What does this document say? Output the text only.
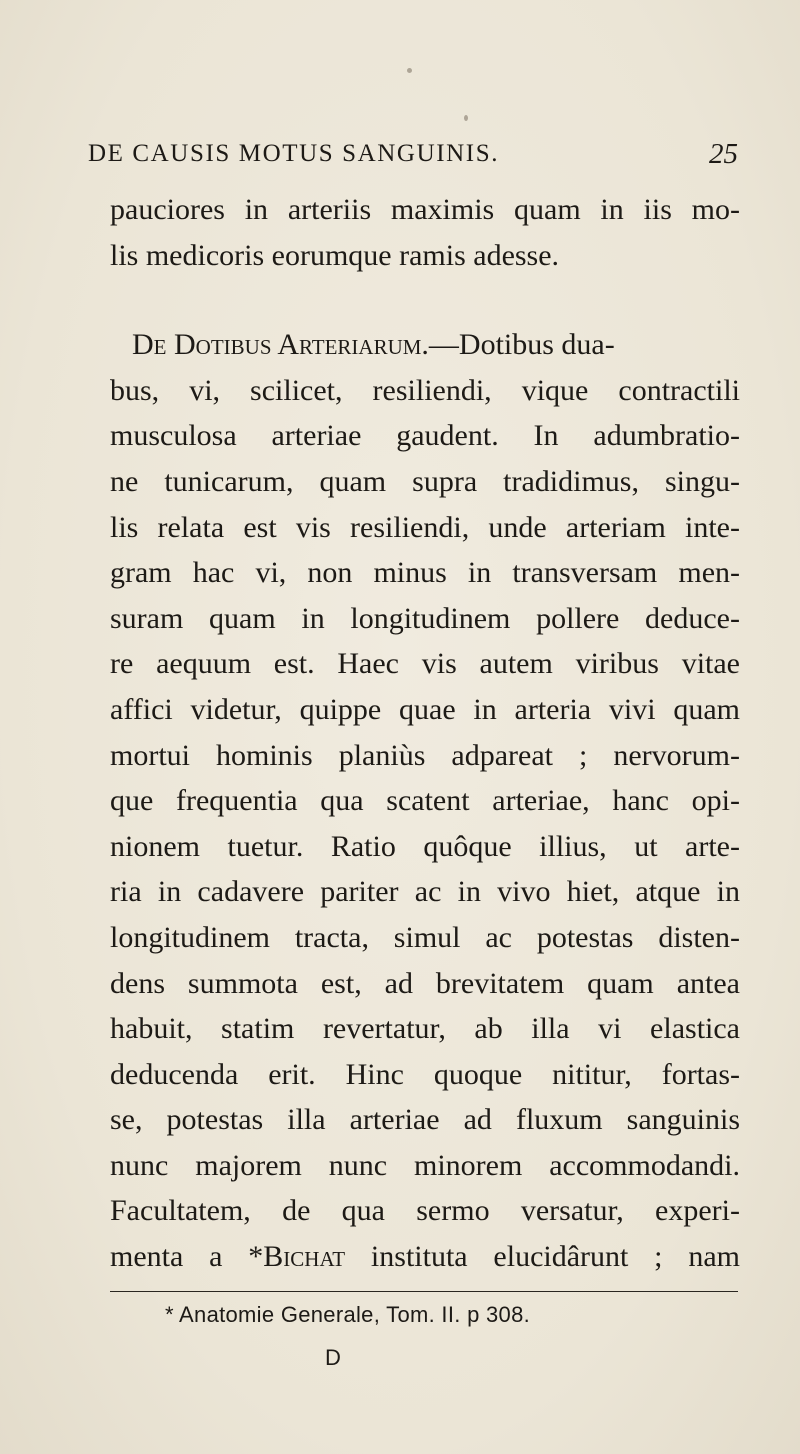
DE CAUSIS MOTUS SANGUINIS.	25
pauciores in arteriis maximis quam in iis mo-
lis medicoris eorumque ramis adesse.
De Dotibus Arteriarum.—Dotibus dua-
bus, vi, scilicet, resiliendi, vique contractili
musculosa arteriae gaudent. In adumbratio-
ne tunicarum, quam supra tradidimus, singu-
lis relata est vis resiliendi, unde arteriam inte-
gram hac vi, non minus in transversam men-
suram quam in longitudinem pollere deduce-
re aequum est. Haec vis autem viribus vitae
affici videtur, quippe quae in arteria vivi quam
mortui hominis planiùs adpareat ; nervorum-
que frequentia qua scatent arteriae, hanc opi-
nionem tuetur. Ratio quôque illius, ut arte-
ria in cadavere pariter ac in vivo hiet, atque in
longitudinem tracta, simul ac potestas disten-
dens summota est, ad brevitatem quam antea
habuit, statim revertatur, ab illa vi elastica
deducenda erit. Hinc quoque nititur, fortas-
se, potestas illa arteriae ad fluxum sanguinis
nunc majorem nunc minorem accommodandi.
Facultatem, de qua sermo versatur, experi-
menta a *Bichat instituta elucidârunt ; nam
* Anatomie Generale, Tom. II. p 308.
D
